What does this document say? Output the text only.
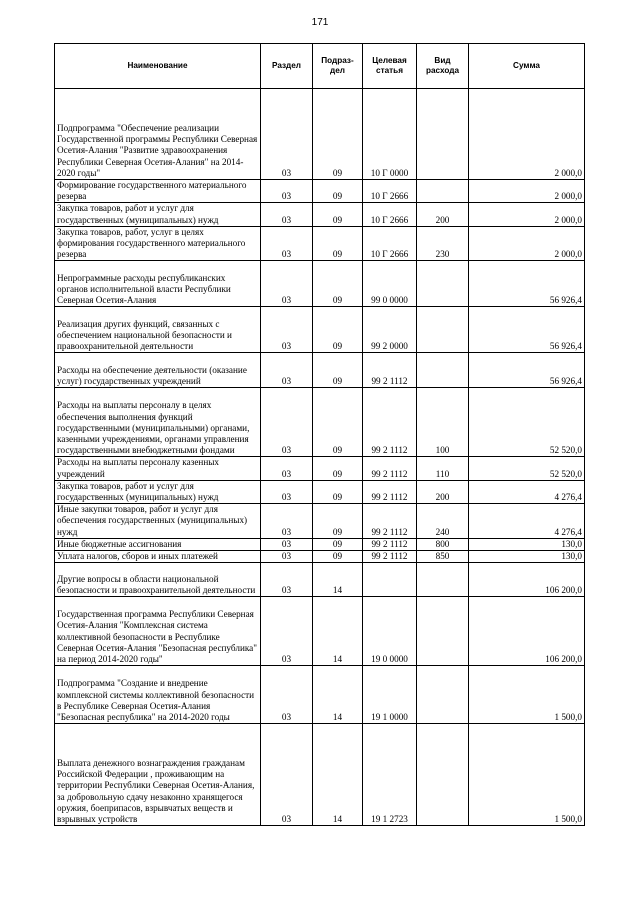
171
Наименование	Раздел	Подраз-дел	Целевая статья	Вид расхода	Сумма
Подпрограмма "Обеспечение реализации Государственной программы Республики Северная Осетия-Алания "Развитие здравоохранения Республики Северная Осетия-Алания" на 2014-2020 годы"	03	09	10 Г 0000		2 000,0
Формирование государственного материального резерва	03	09	10 Г 2666		2 000,0
Закупка товаров, работ и услуг для государственных (муниципальных) нужд	03	09	10 Г 2666	200	2 000,0
Закупка товаров, работ, услуг в целях формирования государственного материального резерва	03	09	10 Г 2666	230	2 000,0
Непрограммные расходы республиканских органов исполнительной власти Республики Северная Осетия-Алания	03	09	99 0 0000		56 926,4
Реализация других функций, связанных с обеспечением национальной безопасности и правоохранительной деятельности	03	09	99 2 0000		56 926,4
Расходы на обеспечение деятельности (оказание услуг) государственных учреждений	03	09	99 2 1112		56 926,4
Расходы на выплаты персоналу в целях обеспечения выполнения функций государственными (муниципальными) органами, казенными учреждениями, органами управления государственными внебюджетными фондами	03	09	99 2 1112	100	52 520,0
Расходы на выплаты персоналу казенных учреждений	03	09	99 2 1112	110	52 520,0
Закупка товаров, работ и услуг для государственных (муниципальных) нужд	03	09	99 2 1112	200	4 276,4
Иные закупки товаров, работ и услуг для обеспечения государственных (муниципальных) нужд	03	09	99 2 1112	240	4 276,4
Иные бюджетные ассигнования	03	09	99 2 1112	800	130,0
Уплата налогов, сборов и иных платежей	03	09	99 2 1112	850	130,0
Другие вопросы в области национальной безопасности и правоохранительной деятельности	03	14			106 200,0
Государственная программа Республики Северная Осетия-Алания "Комплексная система коллективной безопасности в Республике Северная Осетия-Алания "Безопасная республика" на период 2014-2020 годы"	03	14	19 0 0000		106 200,0
Подпрограмма "Создание и внедрение комплексной системы коллективной безопасности в Республике Северная Осетия-Алания "Безопасная республика" на 2014-2020 годы	03	14	19 1 0000		1 500,0
Выплата денежного вознаграждения гражданам Российской Федерации , проживающим на территории Республики Северная Осетия-Алания, за добровольную сдачу незаконно хранящегося оружия, боеприпасов, взрывчатых веществ и взрывных устройств	03	14	19 1 2723		1 500,0
